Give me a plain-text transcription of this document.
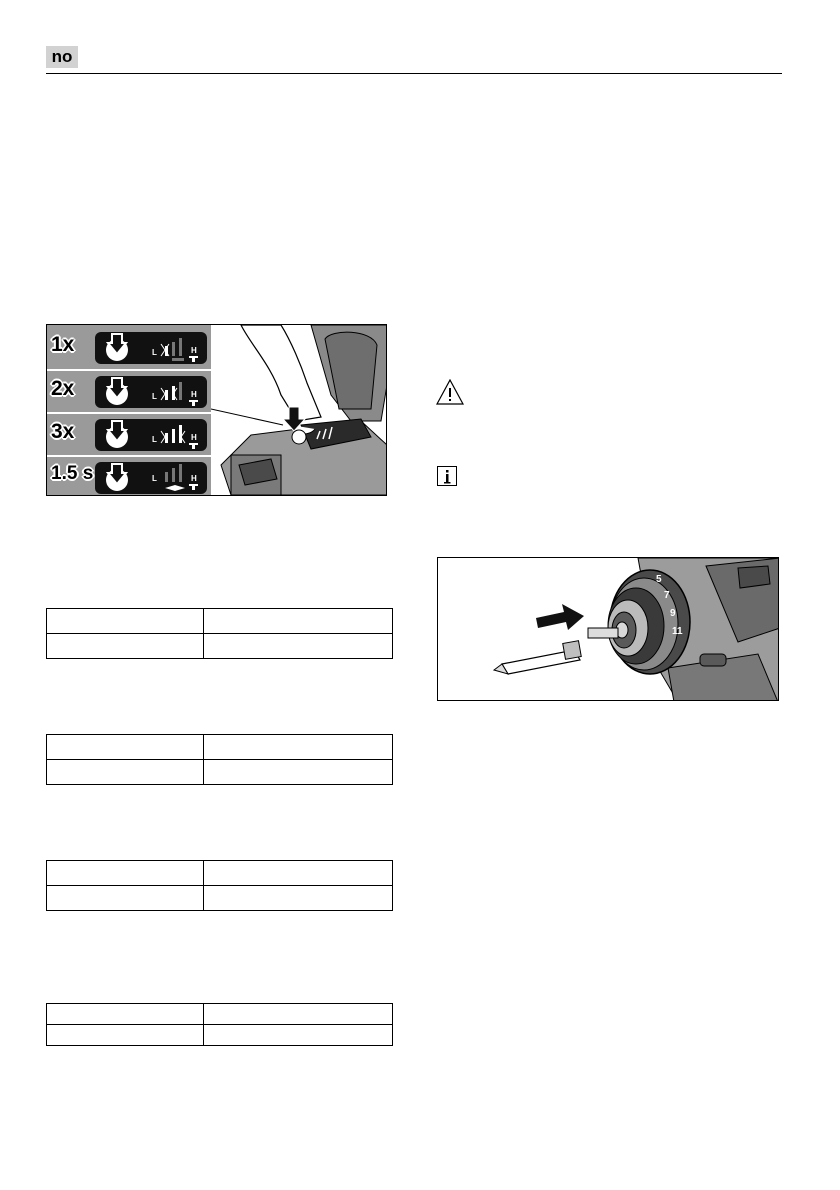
no
1x	L	H
2x	L	H
3x	L	H
1.5 s	L	H
5
7
9
11
